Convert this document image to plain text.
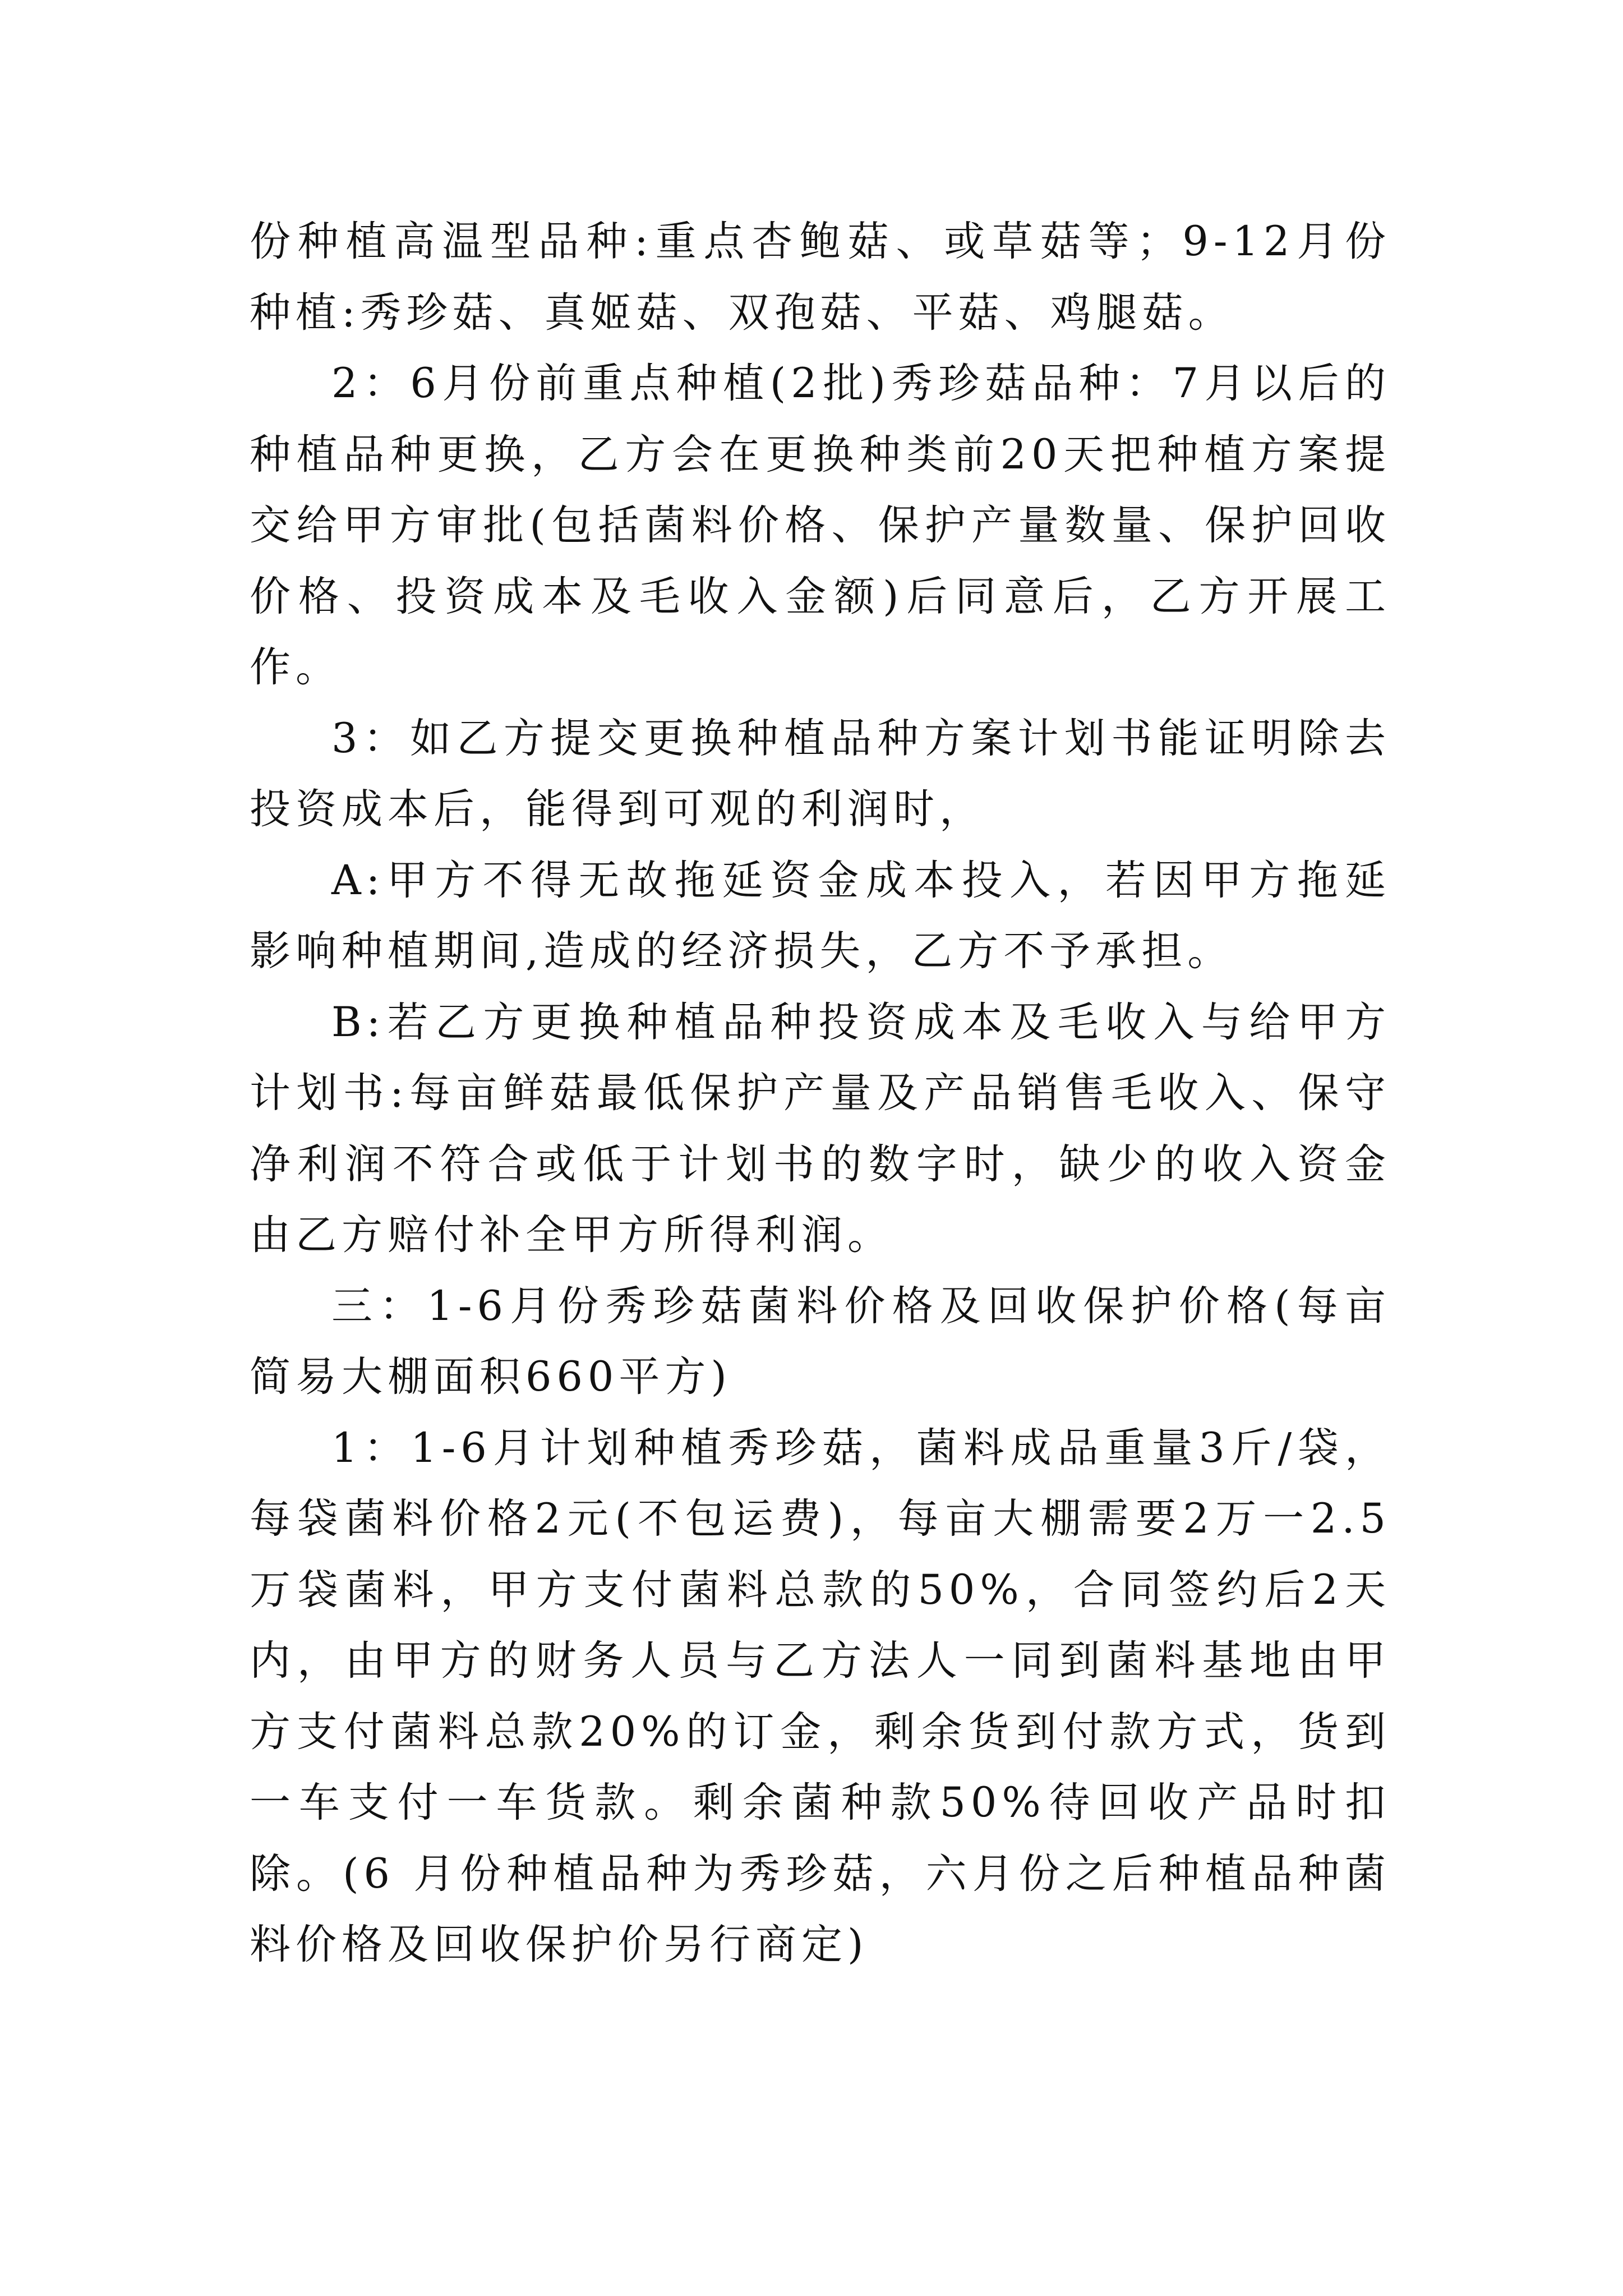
份种植高温型品种:重点杏鲍菇、或草菇等；9-12月份种植:秀珍菇、真姬菇、双孢菇、平菇、鸡腿菇。

2：6月份前重点种植(2批)秀珍菇品种：7月以后的种植品种更换，乙方会在更换种类前20天把种植方案提交给甲方审批(包括菌料价格、保护产量数量、保护回收价格、投资成本及毛收入金额)后同意后，乙方开展工作。

3：如乙方提交更换种植品种方案计划书能证明除去投资成本后，能得到可观的利润时，

A:甲方不得无故拖延资金成本投入，若因甲方拖延影响种植期间,造成的经济损失，乙方不予承担。

B:若乙方更换种植品种投资成本及毛收入与给甲方计划书:每亩鲜菇最低保护产量及产品销售毛收入、保守净利润不符合或低于计划书的数字时，缺少的收入资金由乙方赔付补全甲方所得利润。

三：1-6月份秀珍菇菌料价格及回收保护价格(每亩简易大棚面积660平方)

1：1-6月计划种植秀珍菇，菌料成品重量3斤/袋，每袋菌料价格2元(不包运费)，每亩大棚需要2万一2.5 万袋菌料，甲方支付菌料总款的50%，合同签约后2天内，由甲方的财务人员与乙方法人一同到菌料基地由甲方支付菌料总款20%的订金，剩余货到付款方式，货到一车支付一车货款。剩余菌种款50%待回收产品时扣除。(6 月份种植品种为秀珍菇，六月份之后种植品种菌料价格及回收保护价另行商定)
